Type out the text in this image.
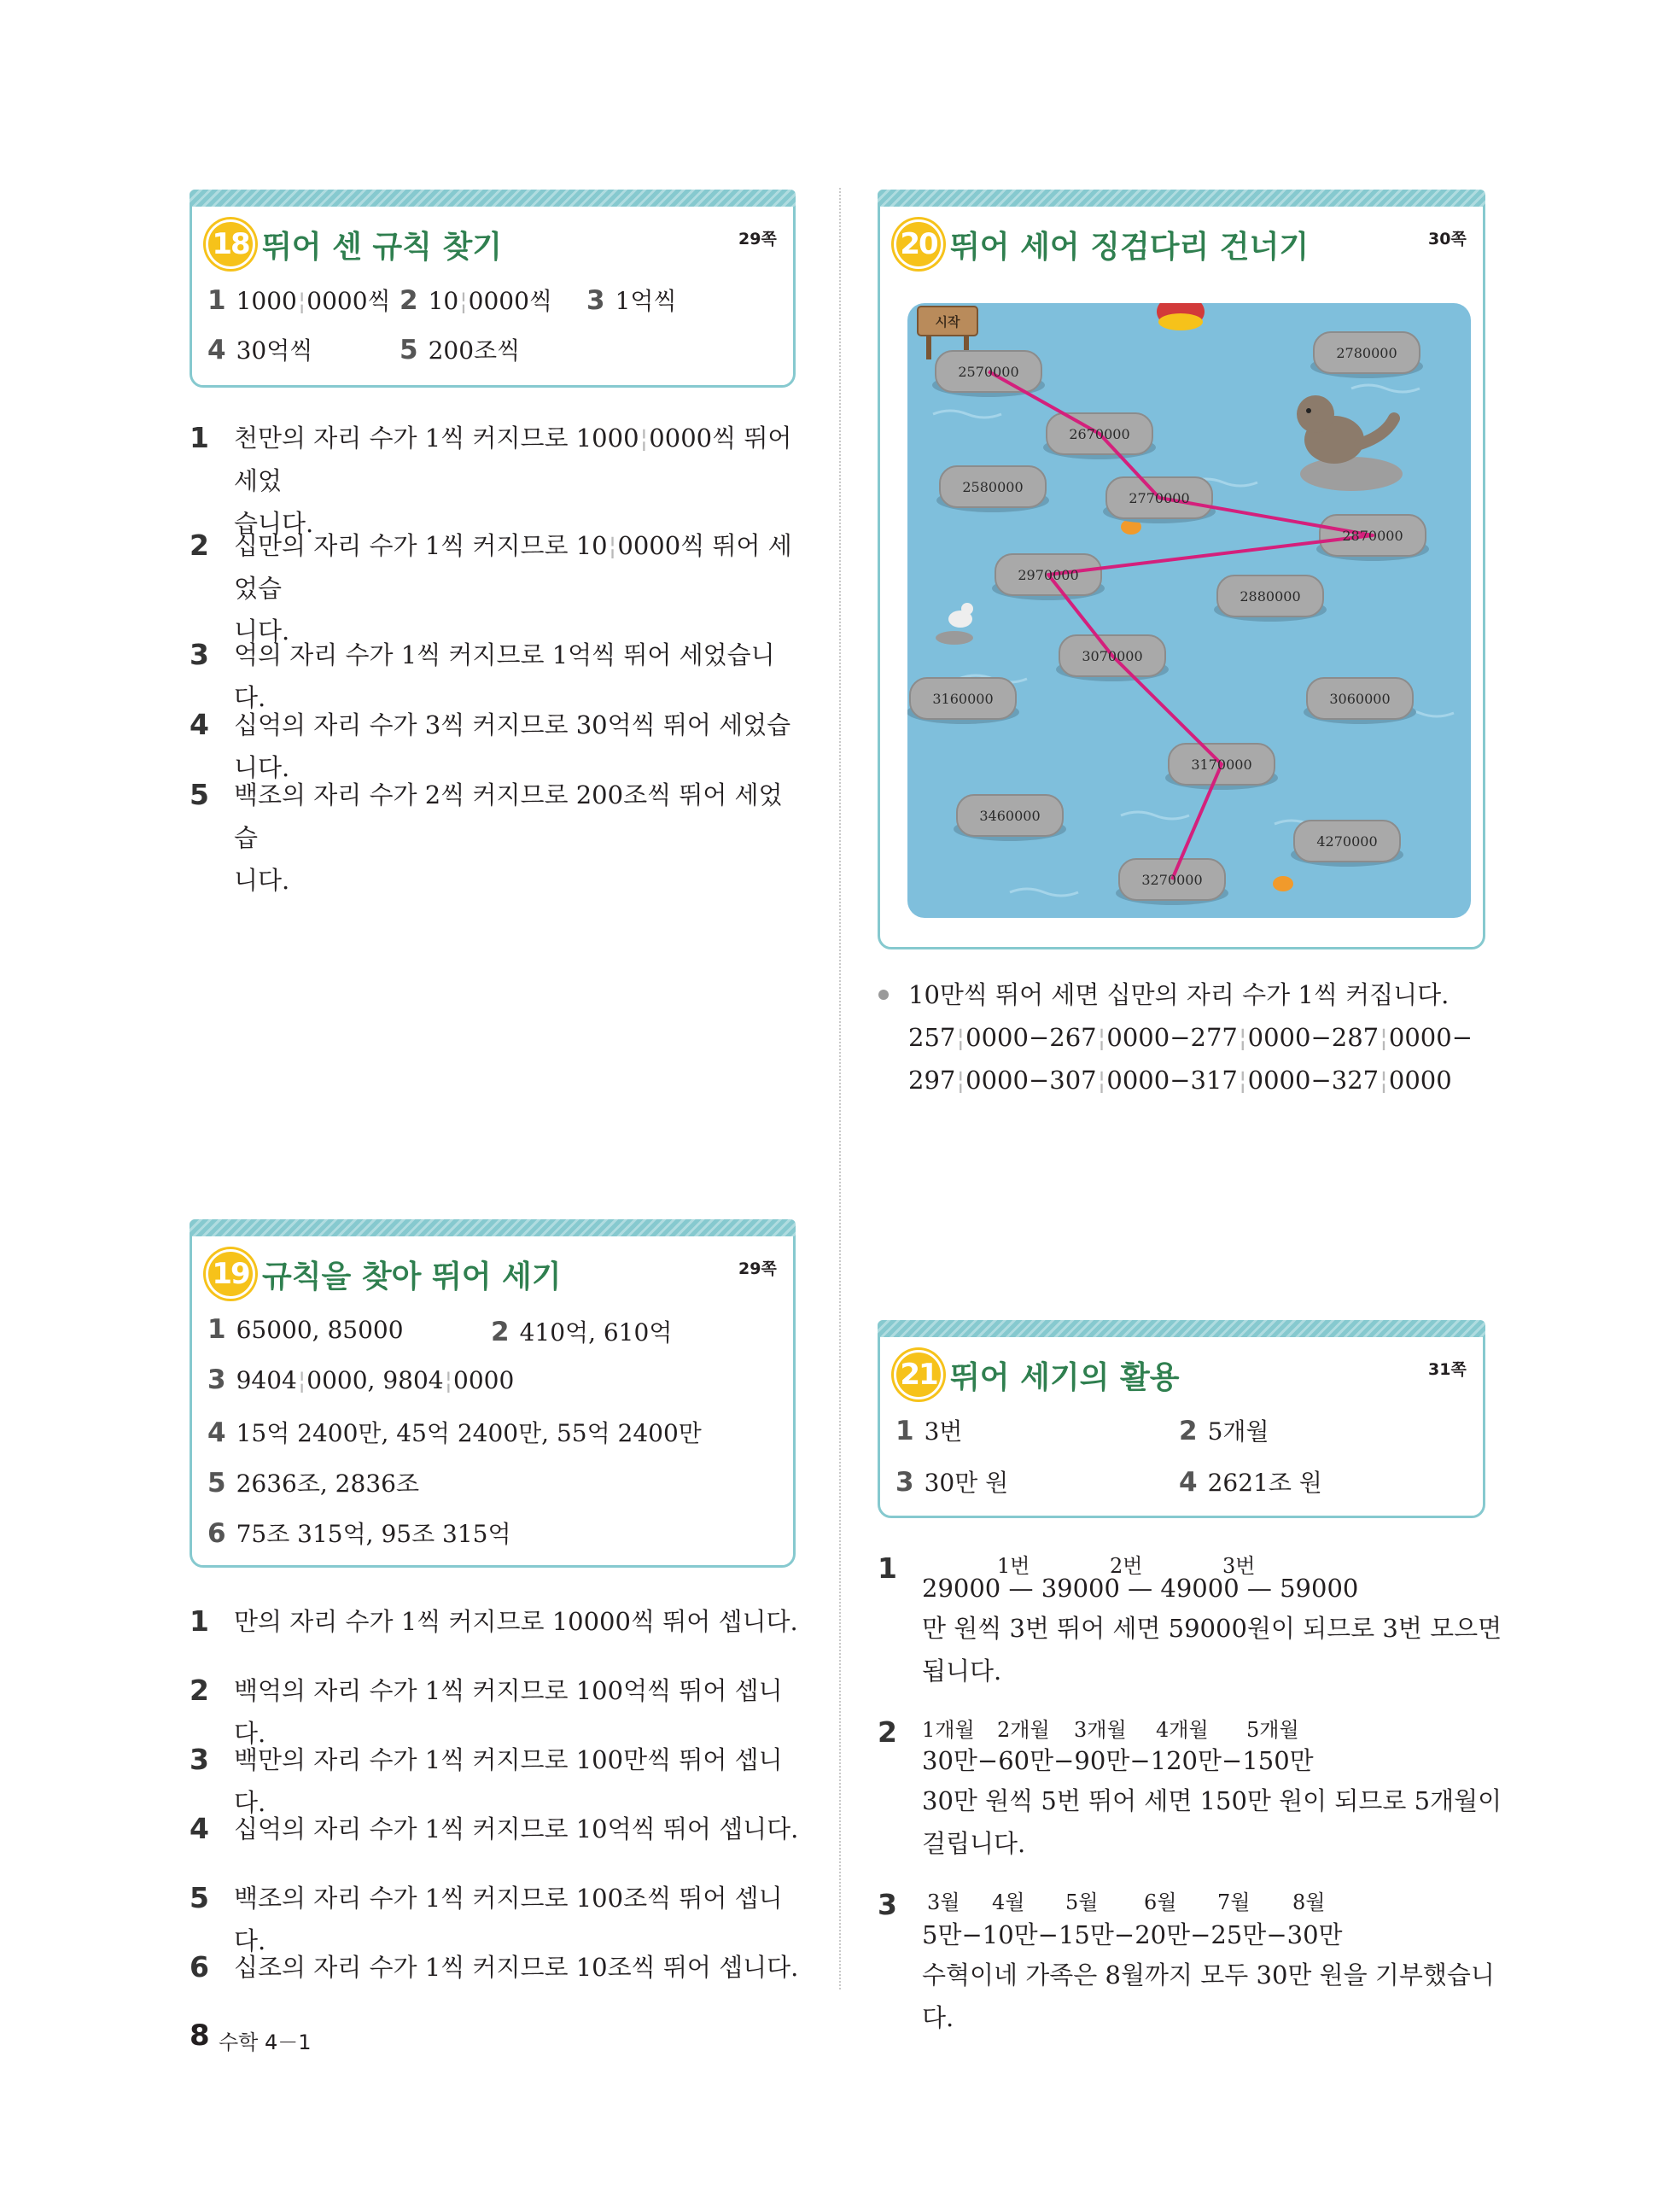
18 뛰어 센 규칙 찾기	29쪽
1 1000¦0000씩 2 10¦0000씩 3 1억씩
4 30억씩	5 200조씩
1 천만의 자리 수가 1씩 커지므로 1000¦0000씩 뛰어 세었
습니다.
2 십만의 자리 수가 1씩 커지므로 10¦0000씩 뛰어 세었습
니다.
3 억의 자리 수가 1씩 커지므로 1억씩 뛰어 세었습니다.
4 십억의 자리 수가 3씩 커지므로 30억씩 뛰어 세었습니다.
5 백조의 자리 수가 2씩 커지므로 200조씩 뛰어 세었습
니다.
20 뛰어 세어 징검다리 건너기	30쪽
시작
2570000
2780000
2670000
2580000
2770000
2870000
2970000
2880000
3070000
3160000	3060000
3170000
3460000
4270000
3270000
10만씩 뛰어 세면 십만의 자리 수가 1씩 커집니다.
257¦0000−267¦0000−277¦0000−287¦0000−
297¦0000−307¦0000−317¦0000−327¦0000
19 규칙을 찾아 뛰어 세기	29쪽
1 65000, 85000	2 410억, 610억
3 9404¦0000, 9804¦0000
4 15억 2400만, 45억 2400만, 55억 2400만
5 2636조, 2836조
6 75조 315억, 95조 315억
1 만의 자리 수가 1씩 커지므로 10000씩 뛰어 셉니다.
2 백억의 자리 수가 1씩 커지므로 100억씩 뛰어 셉니다.
3 백만의 자리 수가 1씩 커지므로 100만씩 뛰어 셉니다.
4 십억의 자리 수가 1씩 커지므로 10억씩 뛰어 셉니다.
5 백조의 자리 수가 1씩 커지므로 100조씩 뛰어 셉니다.
6 십조의 자리 수가 1씩 커지므로 10조씩 뛰어 셉니다.
21 뛰어 세기의 활용	31쪽
1 3번	2 5개월
3 30만 원	4 2621조 원
1	1번	2번	3번
29000 — 39000 — 49000 — 59000
만 원씩 3번 뛰어 세면 59000원이 되므로 3번 모으면
됩니다.
2 1개월 2개월 3개월 4개월 5개월
30만−60만−90만−120만−150만
30만 원씩 5번 뛰어 세면 150만 원이 되므로 5개월이
걸립니다.
3 3월 4월 5월 6월 7월 8월
5만−10만−15만−20만−25만−30만
수혁이네 가족은 8월까지 모두 30만 원을 기부했습니다.
8 수학 4－1
